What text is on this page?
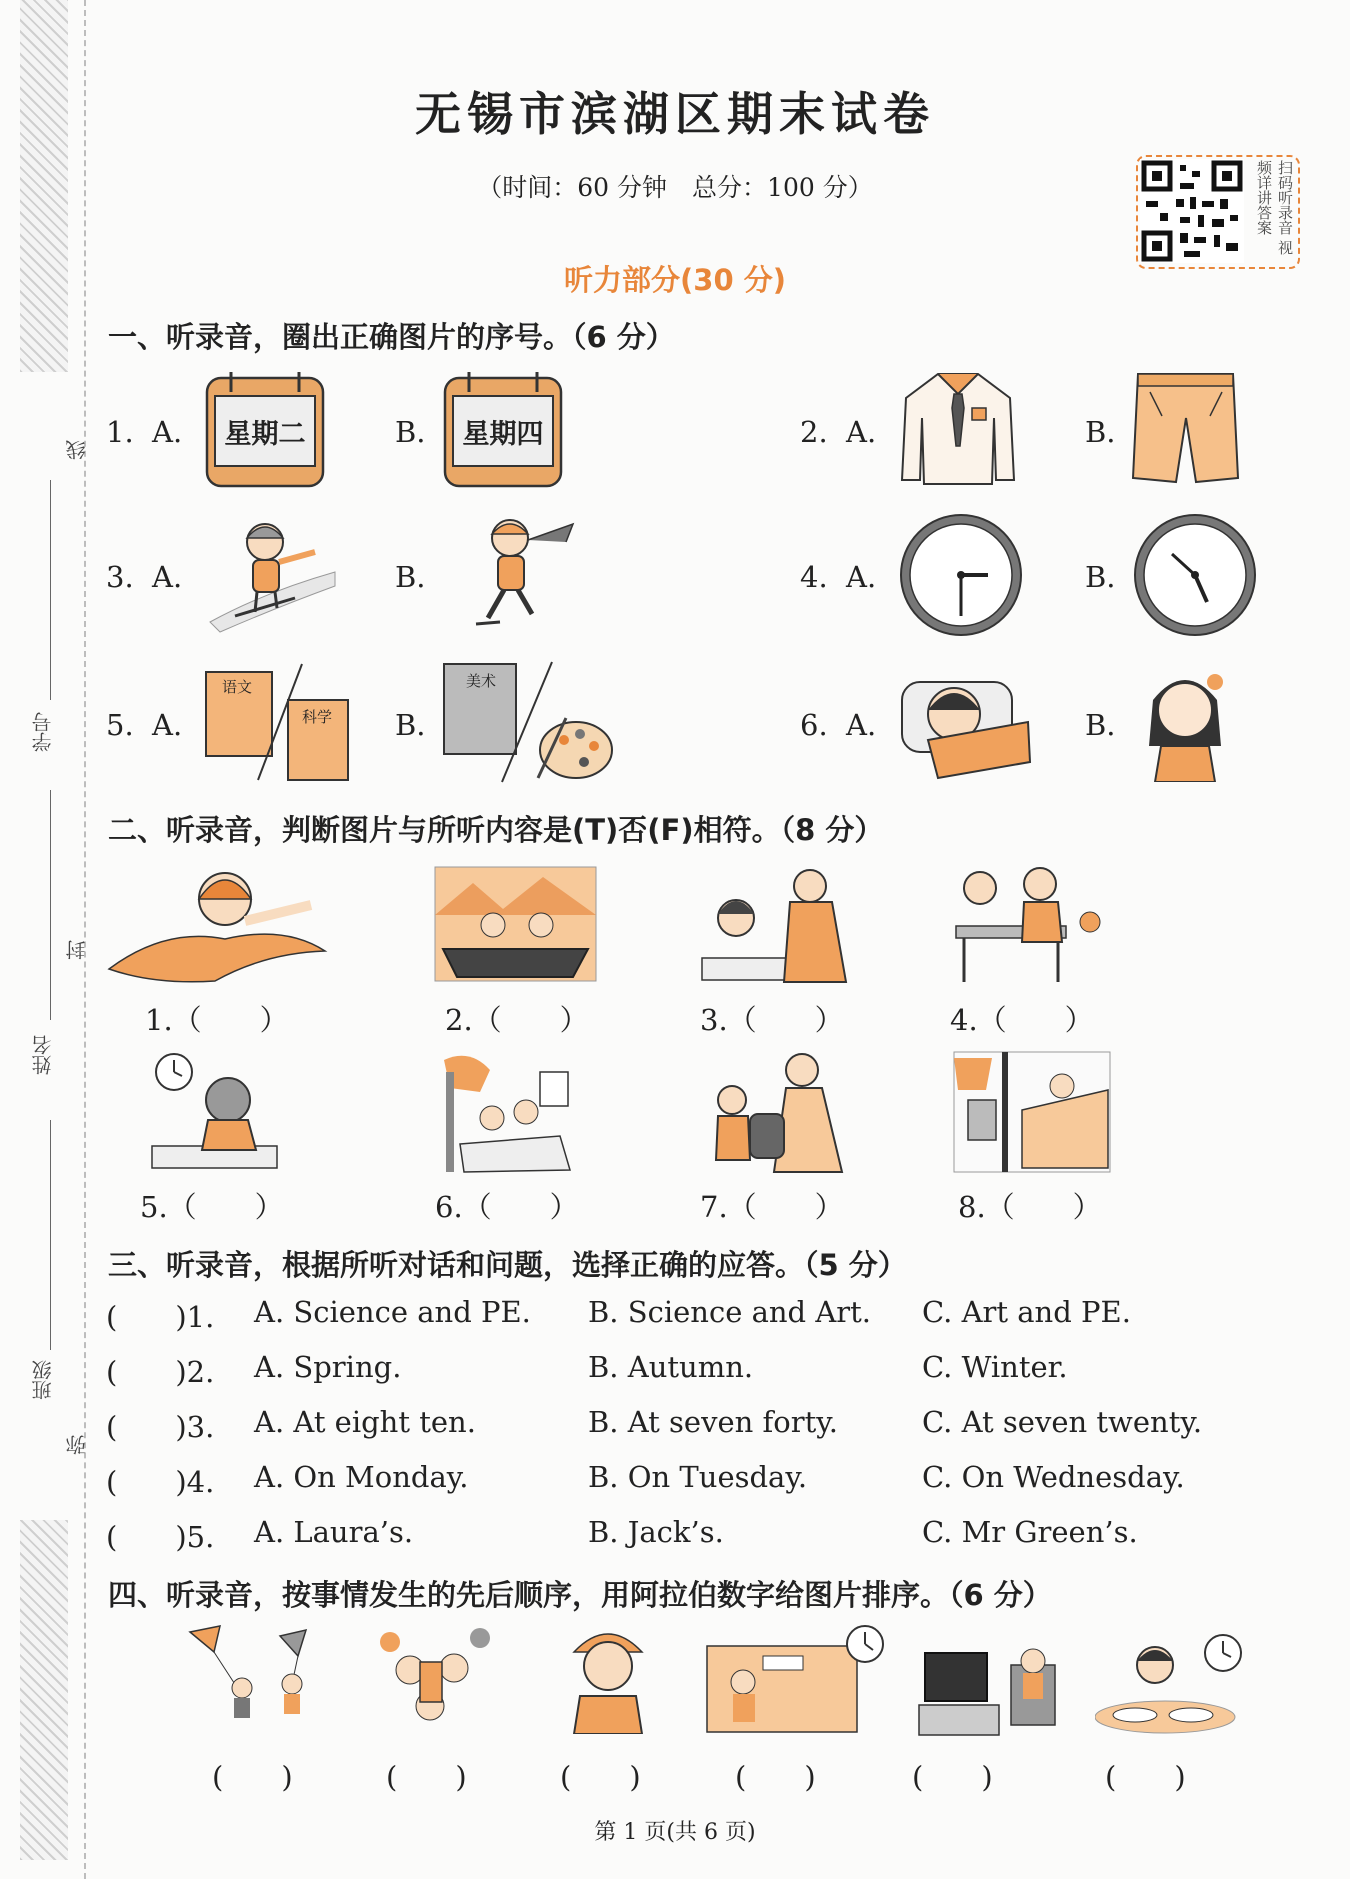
线
封
弥
学号
姓名
班级
无锡市滨湖区期末试卷
（时间：60 分钟　总分：100 分）	扫码听录音 视频详讲答案
听力部分(30 分)
一、听录音，圈出正确图片的序号。（6 分）
1. A.	星期二	B.	星期四	2. A.	B.
3. A.	B.	4. A.	B.
5. A.
语文
科学 B.
美术
6. A.	B.
二、听录音，判断图片与所听内容是(T)否(F)相符。（8 分）
1.（　　）	2.（　　）	3.（　　）	4.（　　）
5.（　　）	6.（　　）	7.（　　）	8.（　　）
三、听录音，根据所听对话和问题，选择正确的应答。（5 分）
(　　)1. A. Science and PE. B. Science and Art. C. Art and PE.
(　　)2. A. Spring.	B. Autumn.	C. Winter.
(　　)3. A. At eight ten.	B. At seven forty.	C. At seven twenty.
(　　)4. A. On Monday.	B. On Tuesday.	C. On Wednesday.
(　　)5. A. Laura’s.	B. Jack’s.	C. Mr Green’s.
四、听录音，按事情发生的先后顺序，用阿拉伯数字给图片排序。（6 分）
(　　)	(　　)	(　　)	(　　)	(　　)	(　　)
第 1 页(共 6 页)
